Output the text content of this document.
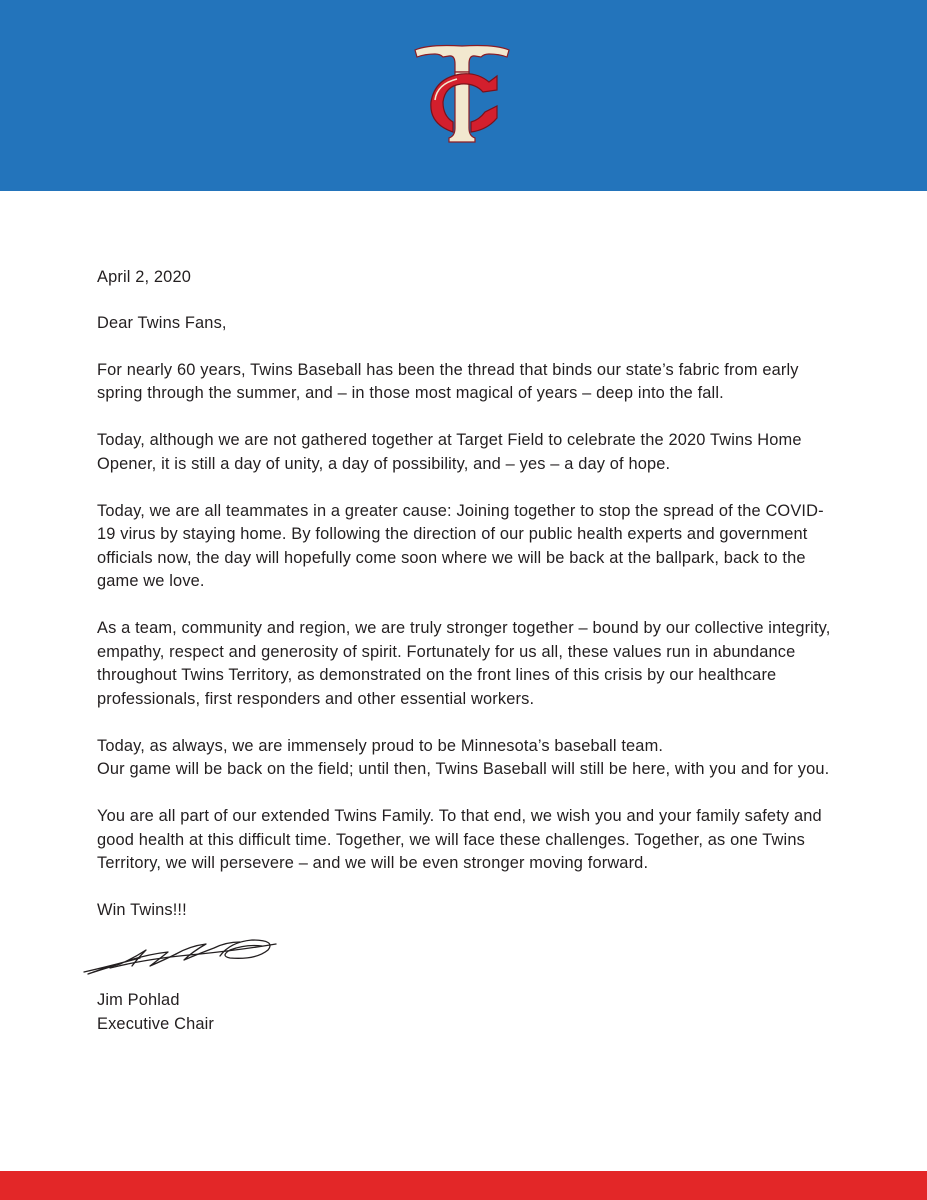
April 2, 2020

Dear Twins Fans,

For nearly 60 years, Twins Baseball has been the thread that binds our state’s fabric from early spring through the summer, and – in those most magical of years – deep into the fall.

Today, although we are not gathered together at Target Field to celebrate the 2020 Twins Home Opener, it is still a day of unity, a day of possibility, and – yes – a day of hope.

Today, we are all teammates in a greater cause: Joining together to stop the spread of the COVID-19 virus by staying home. By following the direction of our public health experts and government officials now, the day will hopefully come soon where we will be back at the ballpark, back to the game we love.

As a team, community and region, we are truly stronger together – bound by our collective integrity, empathy, respect and generosity of spirit. Fortunately for us all, these values run in abundance throughout Twins Territory, as demonstrated on the front lines of this crisis by our healthcare professionals, first responders and other essential workers.

Today, as always, we are immensely proud to be Minnesota’s baseball team.
Our game will be back on the field; until then, Twins Baseball will still be here, with you and for you.

You are all part of our extended Twins Family. To that end, we wish you and your family safety and good health at this difficult time. Together, we will face these challenges. Together, as one Twins Territory, we will persevere – and we will be even stronger moving forward.

Win Twins!!!

Jim Pohlad
Executive Chair
